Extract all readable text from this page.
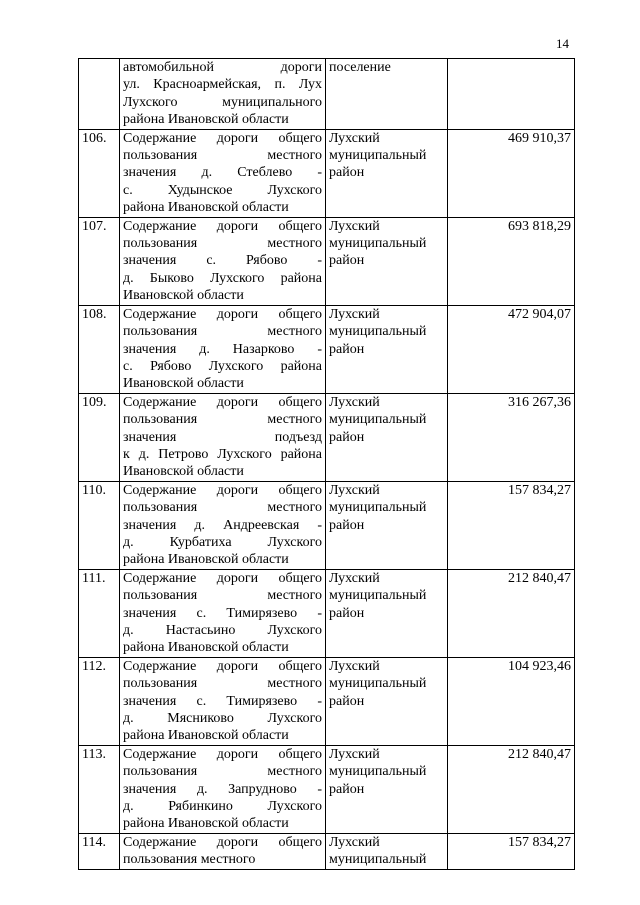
14

	автомобильной дороги
ул. Красноармейская, п. Лух
Лухского муниципального
района Ивановской области	поселение	

106.	Содержание дороги общего
пользования местного
значения д. Стеблево -
с. Худынское Лухского
района Ивановской области	Лухский
муниципальный
район	469 910,37
107.	Содержание дороги общего
пользования местного
значения с. Рябово -
д. Быково Лухского района
Ивановской области	Лухский
муниципальный
район	693 818,29
108.	Содержание дороги общего
пользования местного
значения д. Назарково -
с. Рябово Лухского района
Ивановской области	Лухский
муниципальный
район	472 904,07
109.	Содержание дороги общего
пользования местного
значения подъезд
к д. Петрово Лухского района
Ивановской области	Лухский
муниципальный
район	316 267,36
110.	Содержание дороги общего
пользования местного
значения д. Андреевская -
д. Курбатиха Лухского
района Ивановской области	Лухский
муниципальный
район	157 834,27
111.	Содержание дороги общего
пользования местного
значения с. Тимирязево -
д. Настасьино Лухского
района Ивановской области	Лухский
муниципальный
район	212 840,47
112.	Содержание дороги общего
пользования местного
значения с. Тимирязево -
д. Мясниково Лухского
района Ивановской области	Лухский
муниципальный
район	104 923,46
113.	Содержание дороги общего
пользования местного
значения д. Запрудново -
д. Рябинкино Лухского
района Ивановской области	Лухский
муниципальный
район	212 840,47
114.	Содержание дороги общего
пользования местного	Лухский
муниципальный	157 834,27
